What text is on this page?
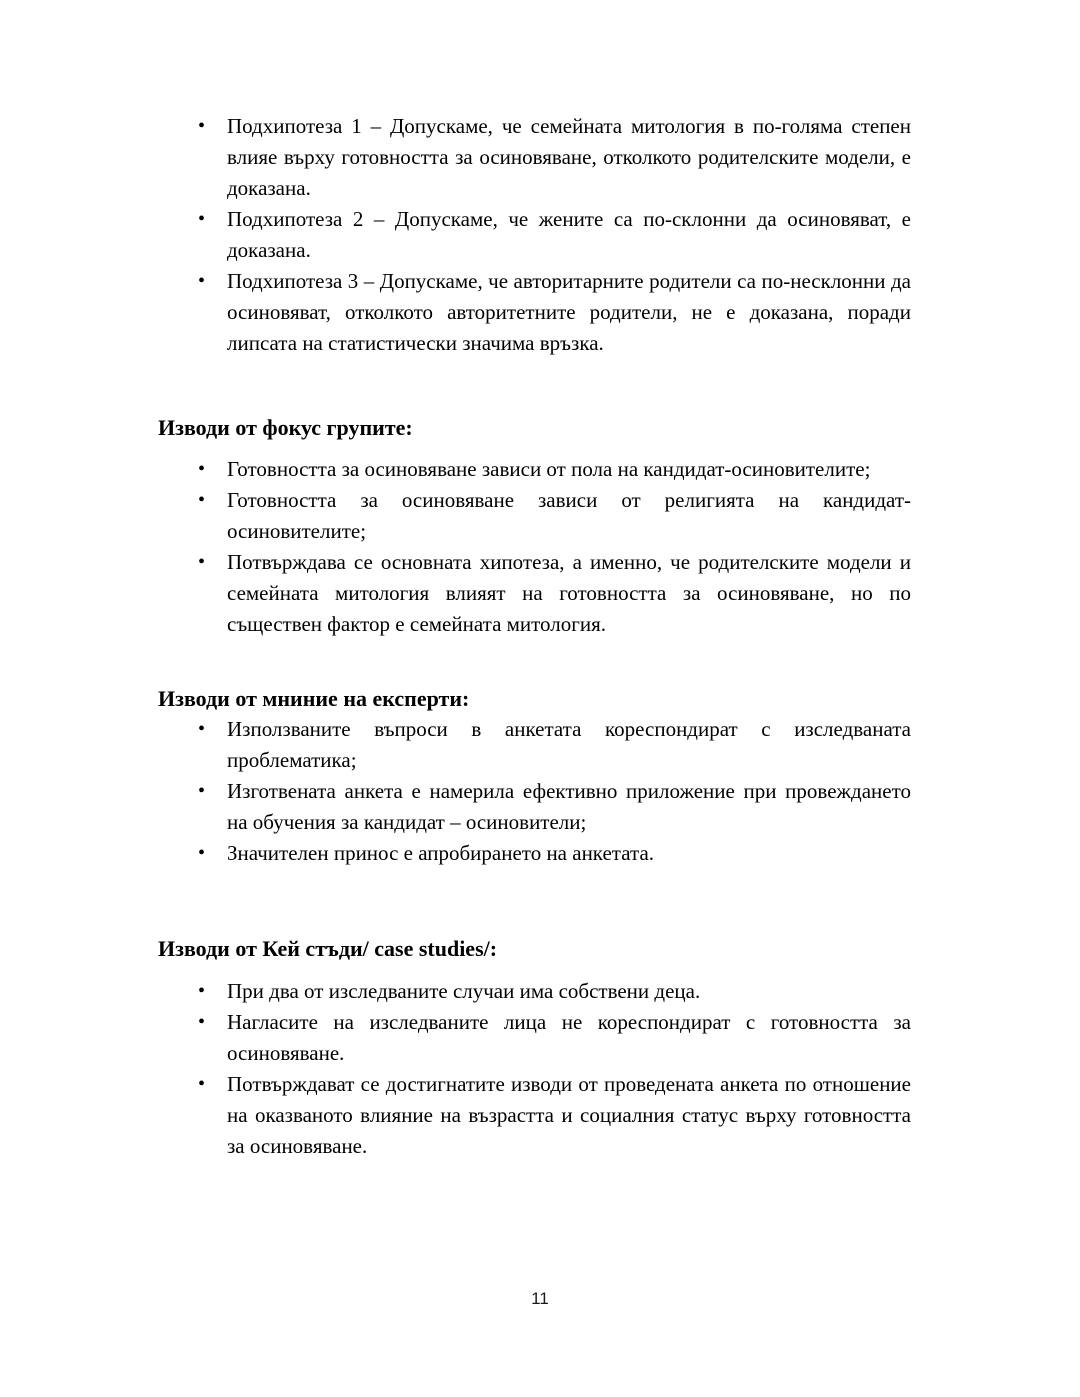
• Подхипотеза 1 – Допускаме, че семейната митология в по-голяма степен влияе върху готовността за осиновяване, отколкото родителските модели, е доказана.
• Подхипотеза 2 – Допускаме, че жените са по-склонни да осиновяват, е доказана.
• Подхипотеза 3 – Допускаме, че авторитарните родители са по-несклонни да осиновяват, отколкото авторитетните родители, не е доказана, поради липсата на статистически значима връзка.
Изводи от фокус групите:
• Готовността за осиновяване зависи от пола на кандидат-осиновителите;
• Готовността за осиновяване зависи от религията на кандидат-осиновителите;
• Потвърждава се основната хипотеза, а именно, че родителските модели и семейната митология влияят на готовността за осиновяване, но по съществен фактор е семейната митология.
Изводи от мниние на експерти:
• Използваните въпроси в анкетата кореспондират с изследваната проблематика;
• Изготвената анкета е намерила ефективно приложение при провеждането на обучения за кандидат – осиновители;
• Значителен принос е апробирането на анкетата.
Изводи от Кей стъди/ case studies/:
• При два от изследваните случаи има собствени деца.
• Нагласите на изследваните лица не кореспондират с готовността за осиновяване.
• Потвърждават се достигнатите изводи от проведената анкета по отношение на оказваното влияние на възрастта и социалния статус върху готовността за осиновяване.
11
